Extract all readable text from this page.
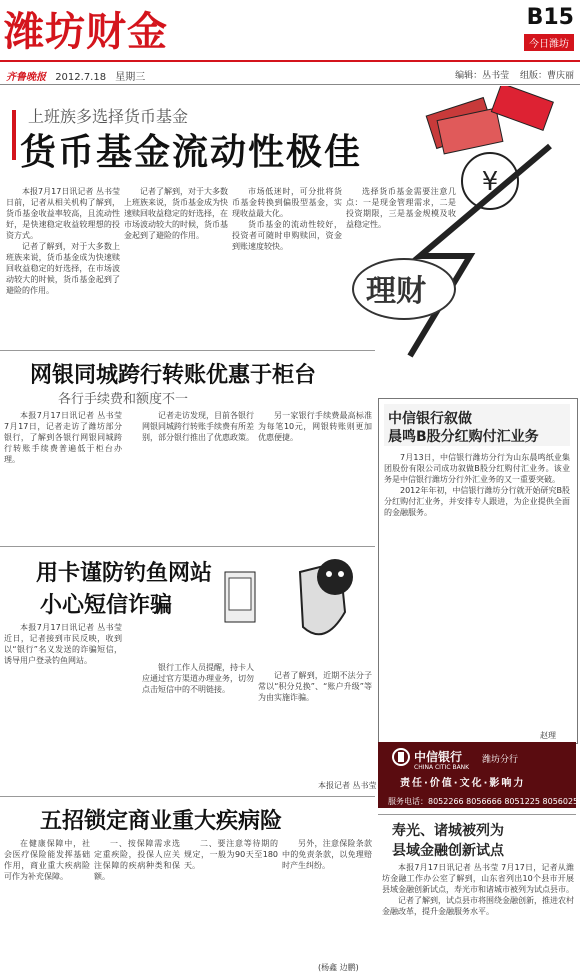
潍坊财金	B15
今日潍坊
齐鲁晚报 2012.7.18 星期三	编辑：丛书莹 组版：曹庆丽
上班族多选择货币基金
货币基金流动性极佳
¥
理财

本报7月17日讯记者 丛书莹日前，记者从相关机构了解到，货币基金收益率较高，且流动性好，是快速稳定收益较理想的投资方式。

记者了解到，对于大多数上班族来说，货币基金成为快速赎回收益稳定的好选择，在市场波动较大的时候，货币基金起到了避险的作用。

记者了解到，对于大多数上班族来说，货币基金成为快速赎回收益稳定的好选择，在市场波动较大的时候，货币基金起到了避险的作用。

市场低迷时，可分批将货币基金转换到偏股型基金，实现收益最大化。

货币基金的流动性较好，投资者可随时申购赎回，资金到账速度较快。

选择货币基金需要注意几点：一是现金管理需求，二是投资期限，三是基金规模及收益稳定性。

网银同城跨行转账优惠于柜台
各行手续费和额度不一

本报7月17日讯记者 丛书莹 7月17日，记者走访了潍坊部分银行，了解到各银行网银同城跨行转账手续费普遍低于柜台办理。

记者走访发现，目前各银行网银同城跨行转账手续费有所差别，部分银行推出了优惠政策。

另一家银行手续费最高标准为每笔10元，网银转账则更加优惠便捷。

用卡谨防钓鱼网站
小心短信诈骗

本报7月17日讯记者 丛书莹 近日，记者接到市民反映，收到以“银行”名义发送的诈骗短信，诱导用户登录钓鱼网站。

银行工作人员提醒，持卡人应通过官方渠道办理业务，切勿点击短信中的不明链接。

记者了解到，近期不法分子常以“积分兑换”、“账户升级”等为由实施诈骗。

本报记者 丛书莹
五招锁定商业重大疾病险

在健康保障中，社会医疗保险能发挥基础作用，商业重大疾病险可作为补充保障。

一、按保障需求选定重疾险，投保人应关注保障的疾病种类和保额。

二、要注意等待期的规定，一般为90天至180天。

另外，注意保险条款中的免责条款，以免理赔时产生纠纷。

(杨鑫 边鹏)
中信银行叙做
晨鸣B股分红购付汇业务

7月13日，中信银行潍坊分行为山东晨鸣纸业集团股份有限公司成功叙做B股分红购付汇业务。该业务是中信银行潍坊分行外汇业务的又一重要突破。

2012年年初，中信银行潍坊分行就开始研究B股分红购付汇业务，并安排专人跟进，为企业提供全面的金融服务。

赵理
中信银行
CHINA CITIC BANK
潍坊分行
责任·价值·文化·影响力
服务电话：8052266 8056666 8051225 8056025
寿光、诸城被列为
县域金融创新试点

本报7月17日讯记者 丛书莹 7月17日，记者从潍坊金融工作办公室了解到，山东省列出10个县市开展县域金融创新试点，寿光市和诸城市被列为试点县市。

记者了解到，试点县市将围绕金融创新，推进农村金融改革，提升金融服务水平。
